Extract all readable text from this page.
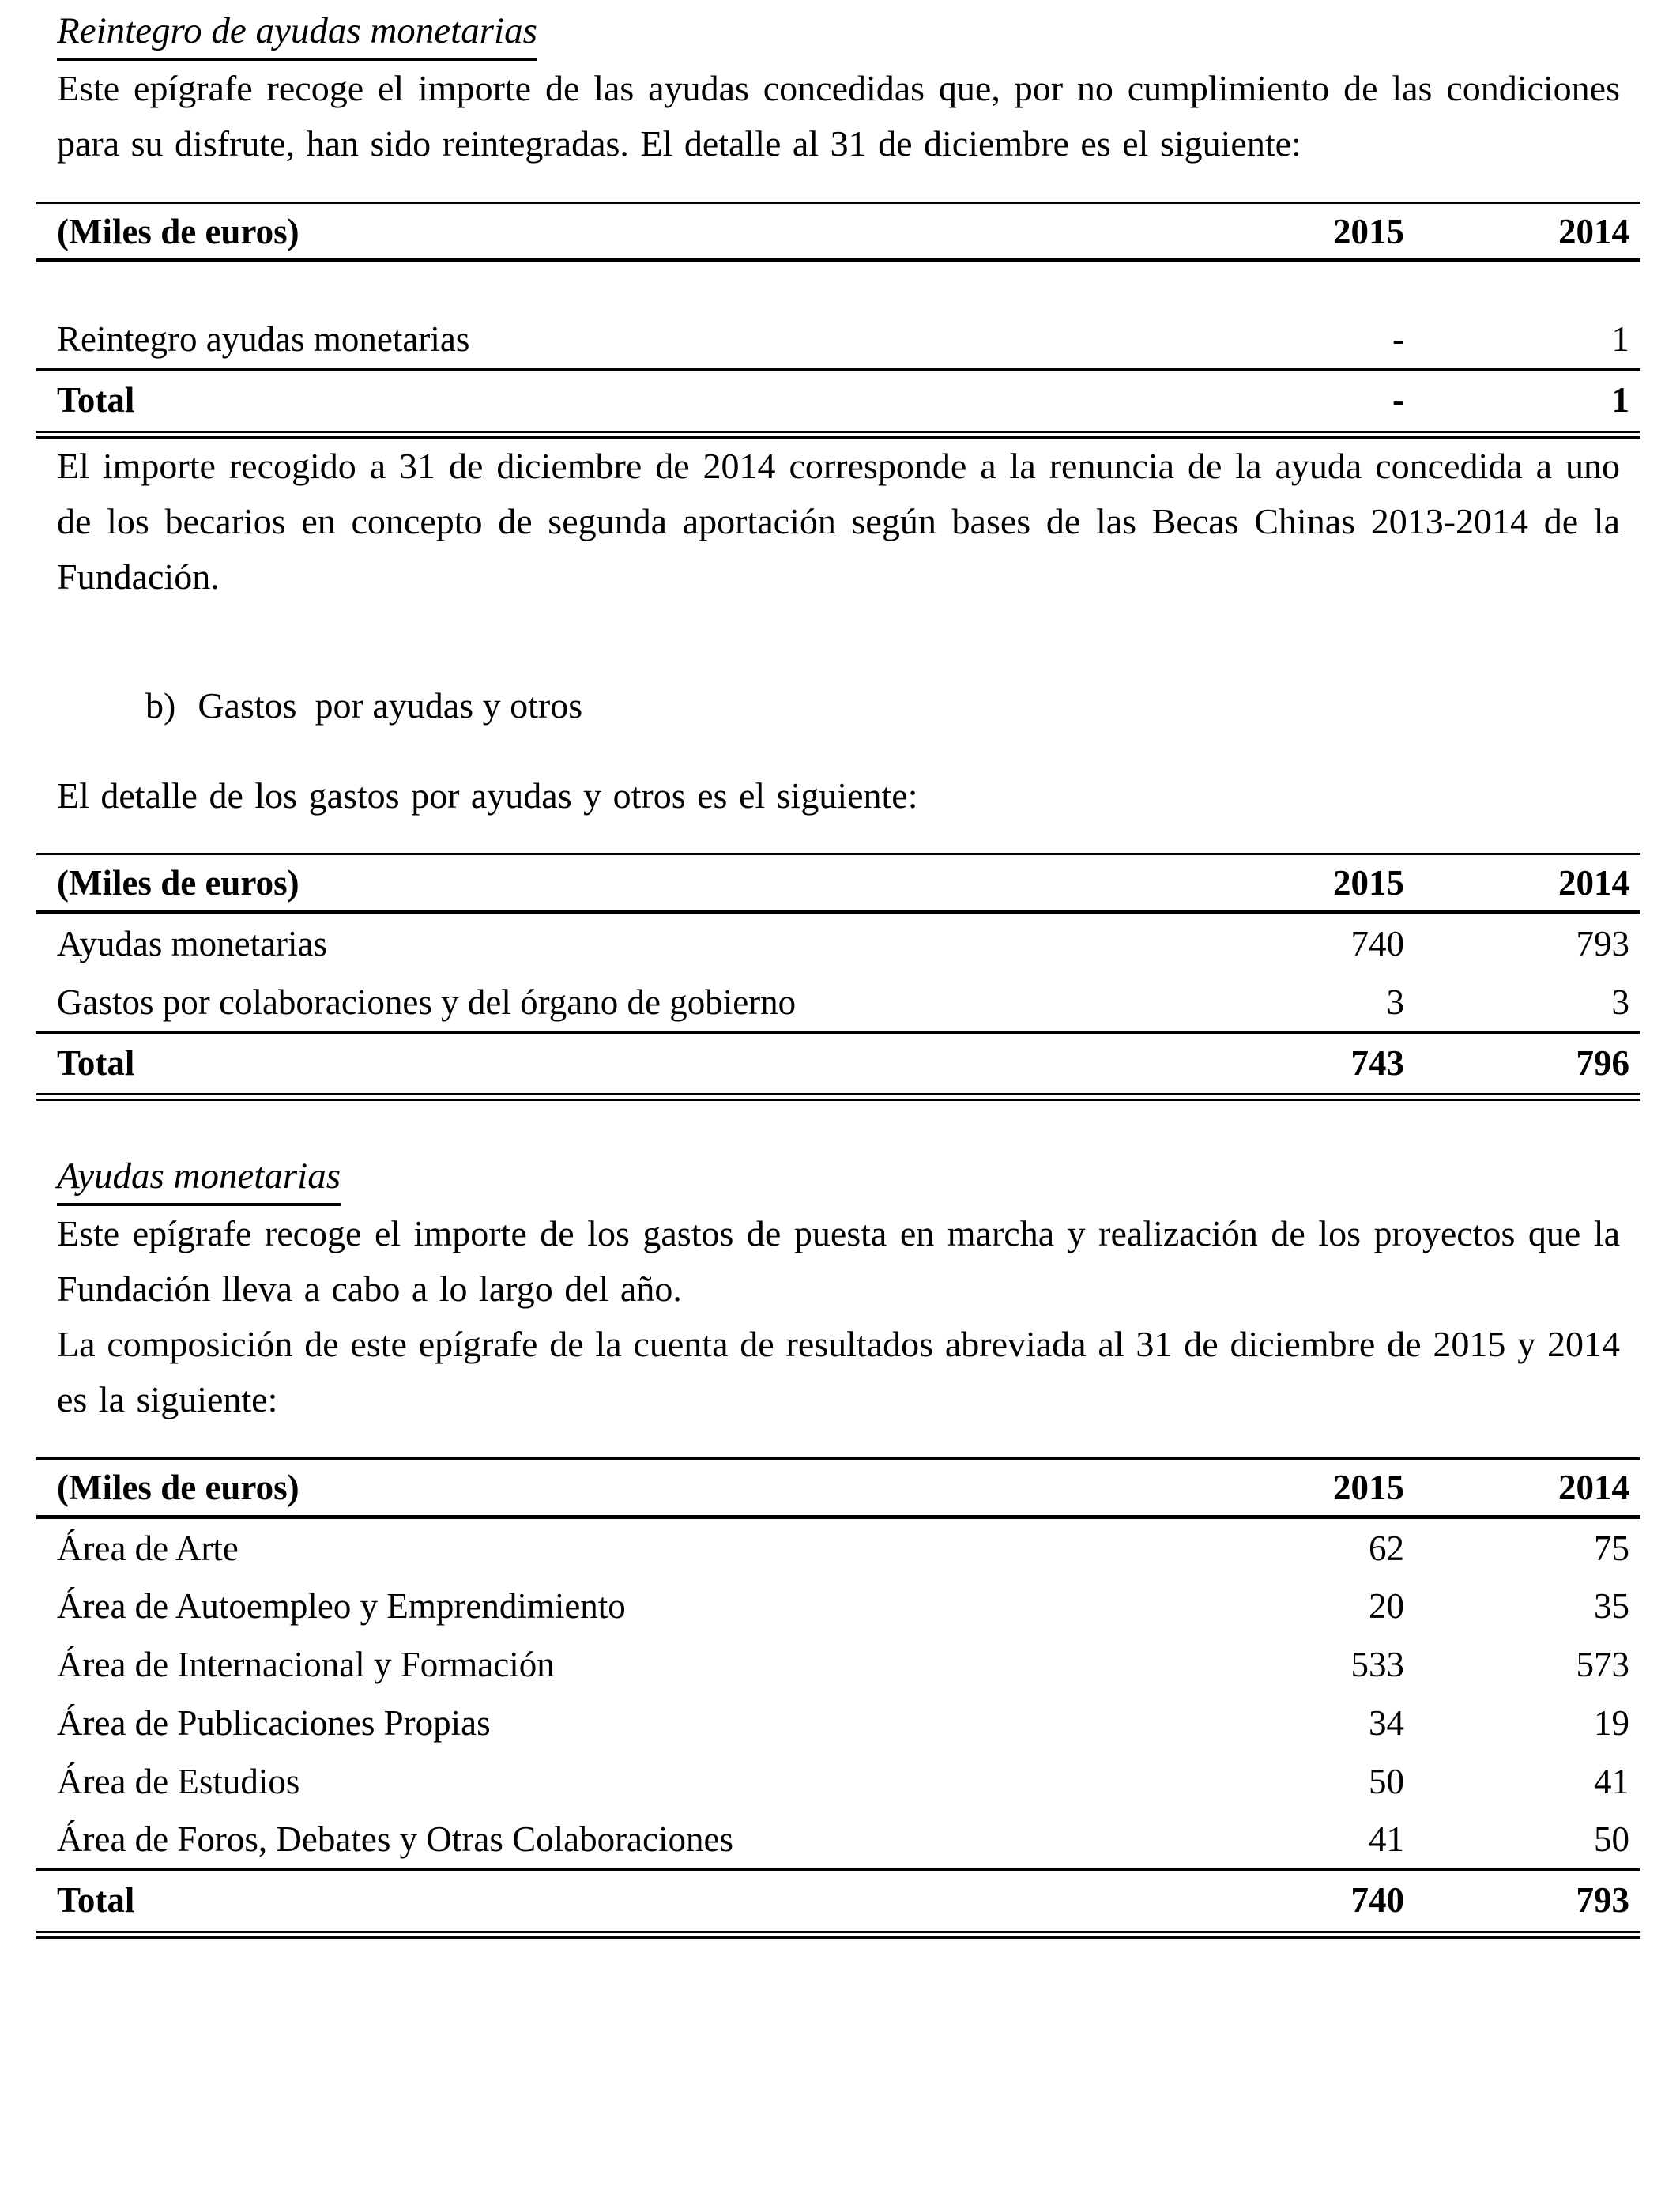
Reintegro de ayudas monetarias

Este epígrafe recoge el importe de las ayudas concedidas que, por no cumplimiento de las condiciones para su disfrute, han sido reintegradas. El detalle al 31 de diciembre es el siguiente:

(Miles de euros)	2015	2014

Reintegro ayudas monetarias	-	1
Total	-	1

El importe recogido a 31 de diciembre de 2014 corresponde a la renuncia de la ayuda concedida a uno de los becarios en concepto de segunda aportación según bases de las Becas Chinas 2013-2014 de la Fundación.

b) Gastos  por ayudas y otros

El detalle de los gastos por ayudas y otros es el siguiente:

(Miles de euros)	2015	2014
Ayudas monetarias	740	793
Gastos por colaboraciones y del órgano de gobierno	3	3
Total	743	796
Ayudas monetarias

Este epígrafe recoge el importe de los gastos de puesta en marcha y realización de los proyectos que la Fundación lleva a cabo a lo largo del año.

La composición de este epígrafe de la cuenta de resultados abreviada al 31 de diciembre de 2015 y 2014 es la siguiente:

(Miles de euros)	2015	2014
Área de Arte	62	75
Área de Autoempleo y Emprendimiento	20	35
Área de Internacional y Formación	533	573
Área de Publicaciones Propias	34	19
Área de Estudios	50	41
Área de Foros, Debates y Otras Colaboraciones	41	50
Total	740	793
